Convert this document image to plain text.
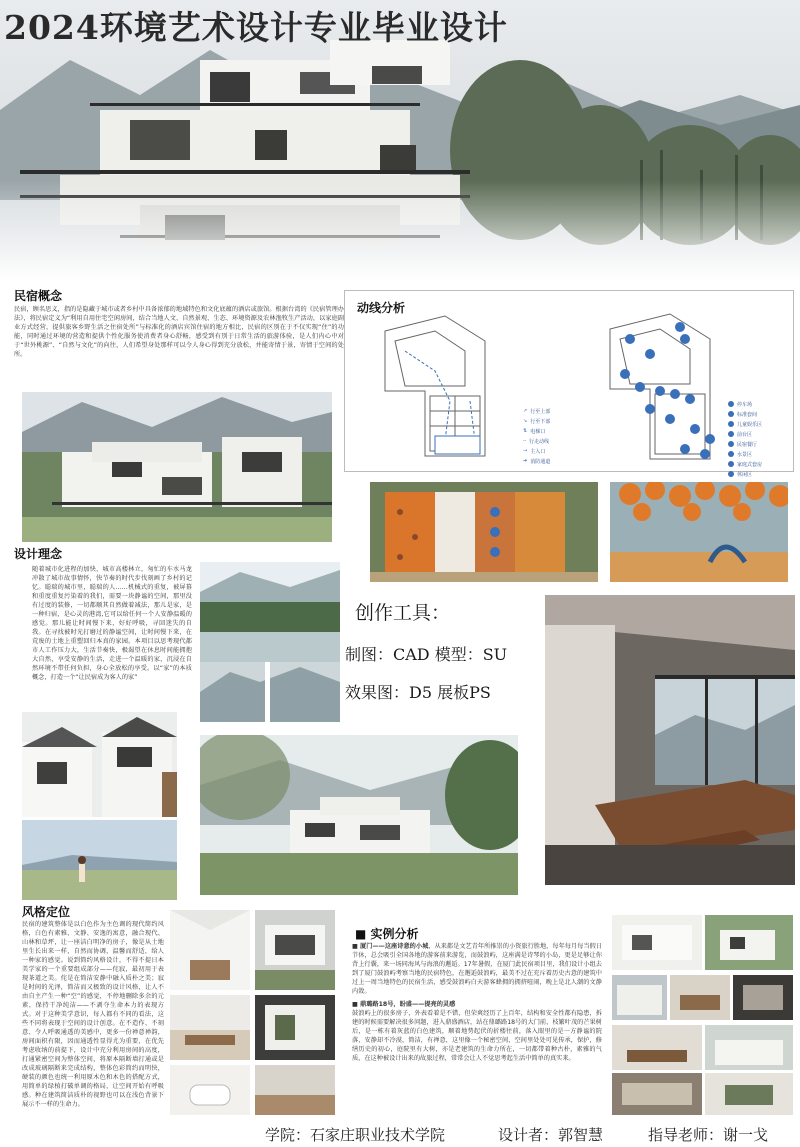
2024环境艺术设计专业毕业设计
民宿概念
民宿，顾名思义，指的是隐藏于城市或者乡村中具备浓郁的地域特色和文化底蕴的酒店或旅馆。根据台湾的《民宿管理办法》，将民宿定义为“利用自用住宅空闲房间，结合当地人文、自然景观、生态、环境资源及农林渔牧生产活动，以家庭副业方式经营，提供旅客乡野生活之住宿处所”与标准化的酒店宾馆住宿的地方相比，民宿的区别在于不仅实现“住”的功能，同时通过环境的营造和提供个性化服务使消费者身心舒畅，感受到有别于日常生活的旅游体验，是人们内心中对于“世外桃源”、“自然与文化”的向往，人们希望身处那样可以令人身心得到充分放松，并能寄情于景，寄情于空间的处所。
设计理念
随着城市化进程的加快，城市高楼林立，匆忙的车水马龙冲散了城市故事情怀，快节奏的时代步伐刻画了乡村的记忆。聪瑞的城市里，聪瑞的人……机械式的重复，被屏幕和重度重复污染着的我们，需要一块静谧的空间，那里没有过度的装修，一切都顺其自然做着减法，那儿是家，是一种归宿，是心灵的港湾,它可以给任何一个人安静温暖的感觉。那儿能让时间慢下来，好好呼吸，寻回迷失的自我。在寻找被时光打磨过的静谧空间，让时间慢下来，在荒废的土地上重塑回归本真的家园。本项目以思考现代都市人工作压力大，生活节奏快，极渴望在休息时间能拥抱大自然，享受安静的生活，走进一个温暖的家，沉浸在自然环境不带任何负担，身心全放松的享受。以“家”的本质概念，打造一个“让民宿成为客人的家”
动线分析
↗ 行至上部
↘ 行至下部
⇅ 电梯口
╌ 行走动线
→ 主入口
➔ 消防通道
停车场
标准套间
儿童娱乐区
前台区
民宿餐厅
水景区
家庭式套房
休闲区
创作工具：
制图：CAD 模型：SU
效果图：D5 展板PS
风格定位
民宿的建筑整体是以白色作为主色调的现代简约风格，白色有素雅、文静、安逸的寓意，融合现代、山林和草坪，让一座洁白明净的房子，像是从土地里生长出来一样，自然而协调，温馨而舒适，给人一种家的感觉。说到简约风格设计，不得不提日本美学家的一个重要组成部分——侘寂，最初用于表现茶道之美。侘是在简洁安静中融入质朴之美；寂是时间的光泽，简洁而又极致的设计风格，让人不由自主产生一种“空”的感觉，不停地删除多余的元素，保持干净纯洁——不剥夺生命本力的表现方式。对于这种美学意识，每人都有不同的看法，这些不同将表现于空间的设计创意。在不造作、不刻意、令人呼吸通透的美感中，更多一份禅意禅韵，房间面积有限，因而通透性显得尤为重要，在优先考虑收纳的前提下，设计中充分利用房间的高度，打通紧密空间为整体空间，将原本隔断墙打通或是改成玻璃隔断来完成结构，整体色彩简约而明快，硬装的颜色也统一利用原木色和木色的搭配方式，用简单的绿植打破单调的格局，让空间开始有呼吸感。种在建筑简洁质朴的视野也可以在浅色背景下展示不一样的生命力。
■ 实例分析
■ 厦门——这座诗意的小城，从来都是文艺青年所推崇的小资旅行胜地，每年每月每当假日节休，总会吸引全国各地的游客前来游览，而鼓浪屿，这座满是诗琴的小岛，更是足够让你背上行囊，来一场同海风与海浪的邂逅。17年暑假，在厦门此民宿项目里，我们设计小组去到了厦门鼓浪屿考察当地的民宿特色，在邂逅鼓浪屿，最美不过在充斥着历史古意的建筑中过上一周当地特色的民宿生活，感受鼓浪屿白天游客蜂拥的拥挤喧闹，晚上是北人潮的文静内敛。
■ 鼎璐路18号，盼盛——提亮的灵感
鼓浪屿上的很多房子，外表看着是不错，但荣爽经历了上百年，结构和安全性都有隐患，拆建的时候需要解决很多问题，进入鼎盛酒店，站在鼎璐路18号的大门前，枝繁叶茂的芒果树后，是一栋有着灰蓝的白色建筑，顺着地势起伏的折楼往前，落入眼里的是一方静谧的院落，安静却不冷漠，简洁，有禅意，这里像一个秘密空间，空间里处处可见传承，保护，修缮历史的初心，庭院里有大树，亦是老建筑的生命力所在，一切都带着种古朴，素雅的气质，在这种被设计出来的故旅过程，常常会让人不觉思考起生活中简单的真实来。
学院：石家庄职业技术学院	设计者：郭智慧	指导老师：谢一戈
